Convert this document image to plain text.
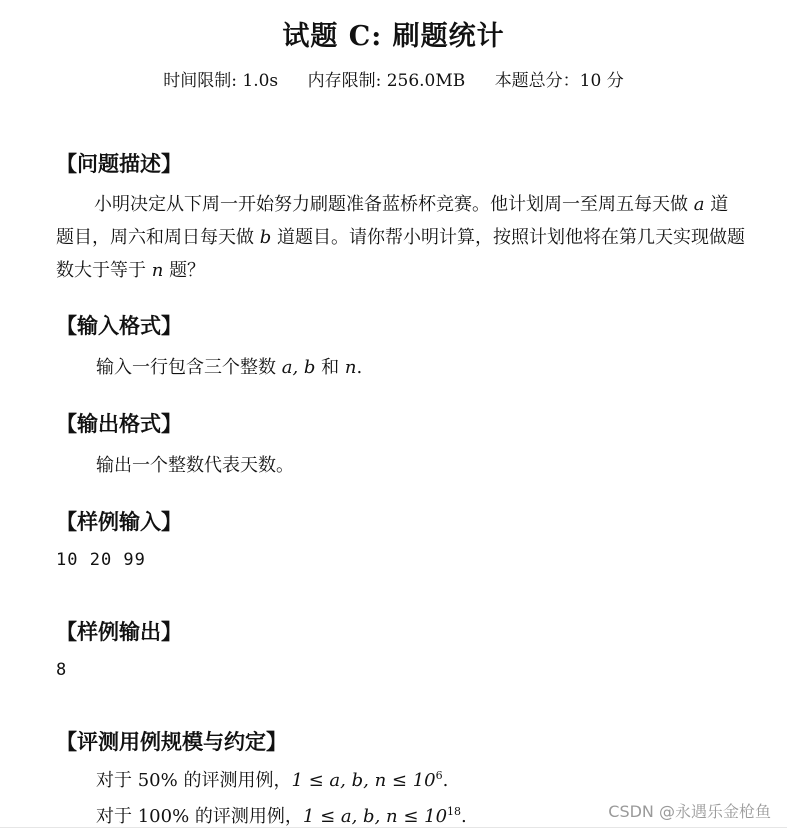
试题 C: 刷题统计
时间限制: 1.0s 内存限制: 256.0MB 本题总分：10 分
【问题描述】
小明决定从下周一开始努力刷题准备蓝桥杯竞赛。他计划周一至周五每天做 a 道题目，周六和周日每天做 b 道题目。请你帮小明计算，按照计划他将在第几天实现做题数大于等于 n 题？
【输入格式】
输入一行包含三个整数 a, b 和 n.
【输出格式】
输出一个整数代表天数。
【样例输入】
10 20 99
【样例输出】
8
【评测用例规模与约定】
对于 50% 的评测用例，1 ≤ a, b, $n \le 10^6$.
对于 100% 的评测用例，1 ≤ a, b, $n \le 10^{18}$.	CSDN @永遇乐金枪鱼
